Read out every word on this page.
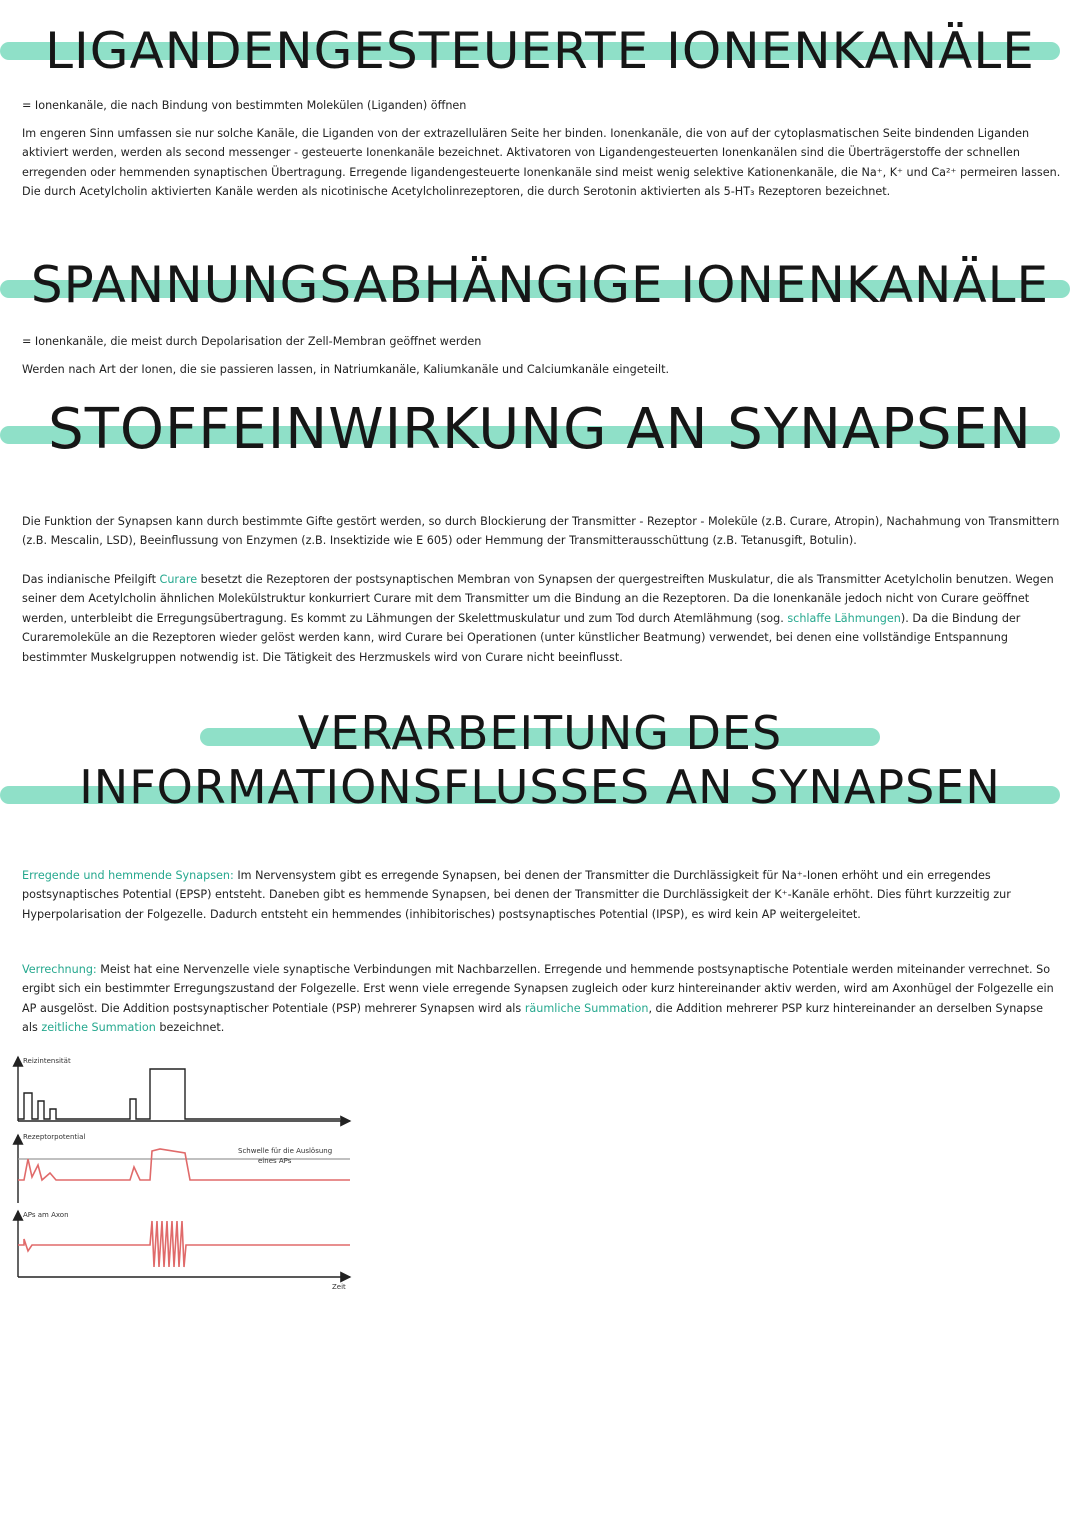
LIGANDENGESTEUERTE IONENKANÄLE

= Ionenkanäle, die nach Bindung von bestimmten Molekülen (Liganden) öffnen

Im engeren Sinn umfassen sie nur solche Kanäle, die Liganden von der extrazellulären Seite her binden. Ionenkanäle, die von auf der cytoplasmatischen Seite bindenden Liganden aktiviert werden, werden als second messenger - gesteuerte Ionenkanäle bezeichnet. Aktivatoren von Ligandengesteuerten Ionenkanälen sind die Überträgerstoffe der schnellen erregenden oder hemmenden synaptischen Übertragung. Erregende ligandengesteuerte Ionenkanäle sind meist wenig selektive Kationenkanäle, die Na⁺, K⁺ und Ca²⁺ permeiren lassen. Die durch Acetylcholin aktivierten Kanäle werden als nicotinische Acetylcholinrezeptoren, die durch Serotonin aktivierten als 5-HT₃ Rezeptoren bezeichnet.

SPANNUNGSABHÄNGIGE IONENKANÄLE

= Ionenkanäle, die meist durch Depolarisation der Zell-Membran geöffnet werden

Werden nach Art der Ionen, die sie passieren lassen, in Natriumkanäle, Kaliumkanäle und Calciumkanäle eingeteilt.

STOFFEINWIRKUNG AN SYNAPSEN

Die Funktion der Synapsen kann durch bestimmte Gifte gestört werden, so durch Blockierung der Transmitter - Rezeptor - Moleküle (z.B. Curare, Atropin), Nachahmung von Transmittern (z.B. Mescalin, LSD), Beeinflussung von Enzymen (z.B. Insektizide wie E 605) oder Hemmung der Transmitterausschüttung (z.B. Tetanusgift, Botulin).

Das indianische Pfeilgift Curare besetzt die Rezeptoren der postsynaptischen Membran von Synapsen der quergestreiften Muskulatur, die als Transmitter Acetylcholin benutzen. Wegen seiner dem Acetylcholin ähnlichen Molekülstruktur konkurriert Curare mit dem Transmitter um die Bindung an die Rezeptoren. Da die Ionenkanäle jedoch nicht von Curare geöffnet werden, unterbleibt die Erregungsübertragung. Es kommt zu Lähmungen der Skelettmuskulatur und zum Tod durch Atemlähmung (sog. schlaffe Lähmungen). Da die Bindung der Curaremoleküle an die Rezeptoren wieder gelöst werden kann, wird Curare bei Operationen (unter künstlicher Beatmung) verwendet, bei denen eine vollständige Entspannung bestimmter Muskelgruppen notwendig ist. Die Tätigkeit des Herzmuskels wird von Curare nicht beeinflusst.

VERARBEITUNG DES
INFORMATIONSFLUSSES AN SYNAPSEN

Erregende und hemmende Synapsen: Im Nervensystem gibt es erregende Synapsen, bei denen der Transmitter die Durchlässigkeit für Na⁺-Ionen erhöht und ein erregendes postsynaptisches Potential (EPSP) entsteht. Daneben gibt es hemmende Synapsen, bei denen der Transmitter die Durchlässigkeit der K⁺-Kanäle erhöht. Dies führt kurzzeitig zur Hyperpolarisation der Folgezelle. Dadurch entsteht ein hemmendes (inhibitorisches) postsynaptisches Potential (IPSP), es wird kein AP weitergeleitet.

Verrechnung: Meist hat eine Nervenzelle viele synaptische Verbindungen mit Nachbarzellen. Erregende und hemmende postsynaptische Potentiale werden miteinander verrechnet. So ergibt sich ein bestimmter Erregungszustand der Folgezelle. Erst wenn viele erregende Synapsen zugleich oder kurz hintereinander aktiv werden, wird am Axonhügel der Folgezelle ein AP ausgelöst. Die Addition postsynaptischer Potentiale (PSP) mehrerer Synapsen wird als räumliche Summation, die Addition mehrerer PSP kurz hintereinander an derselben Synapse als zeitliche Summation bezeichnet.

Reizintensität
Rezeptorpotential
Schwelle für die Auslösung
eines APs
APs am Axon
Zeit
